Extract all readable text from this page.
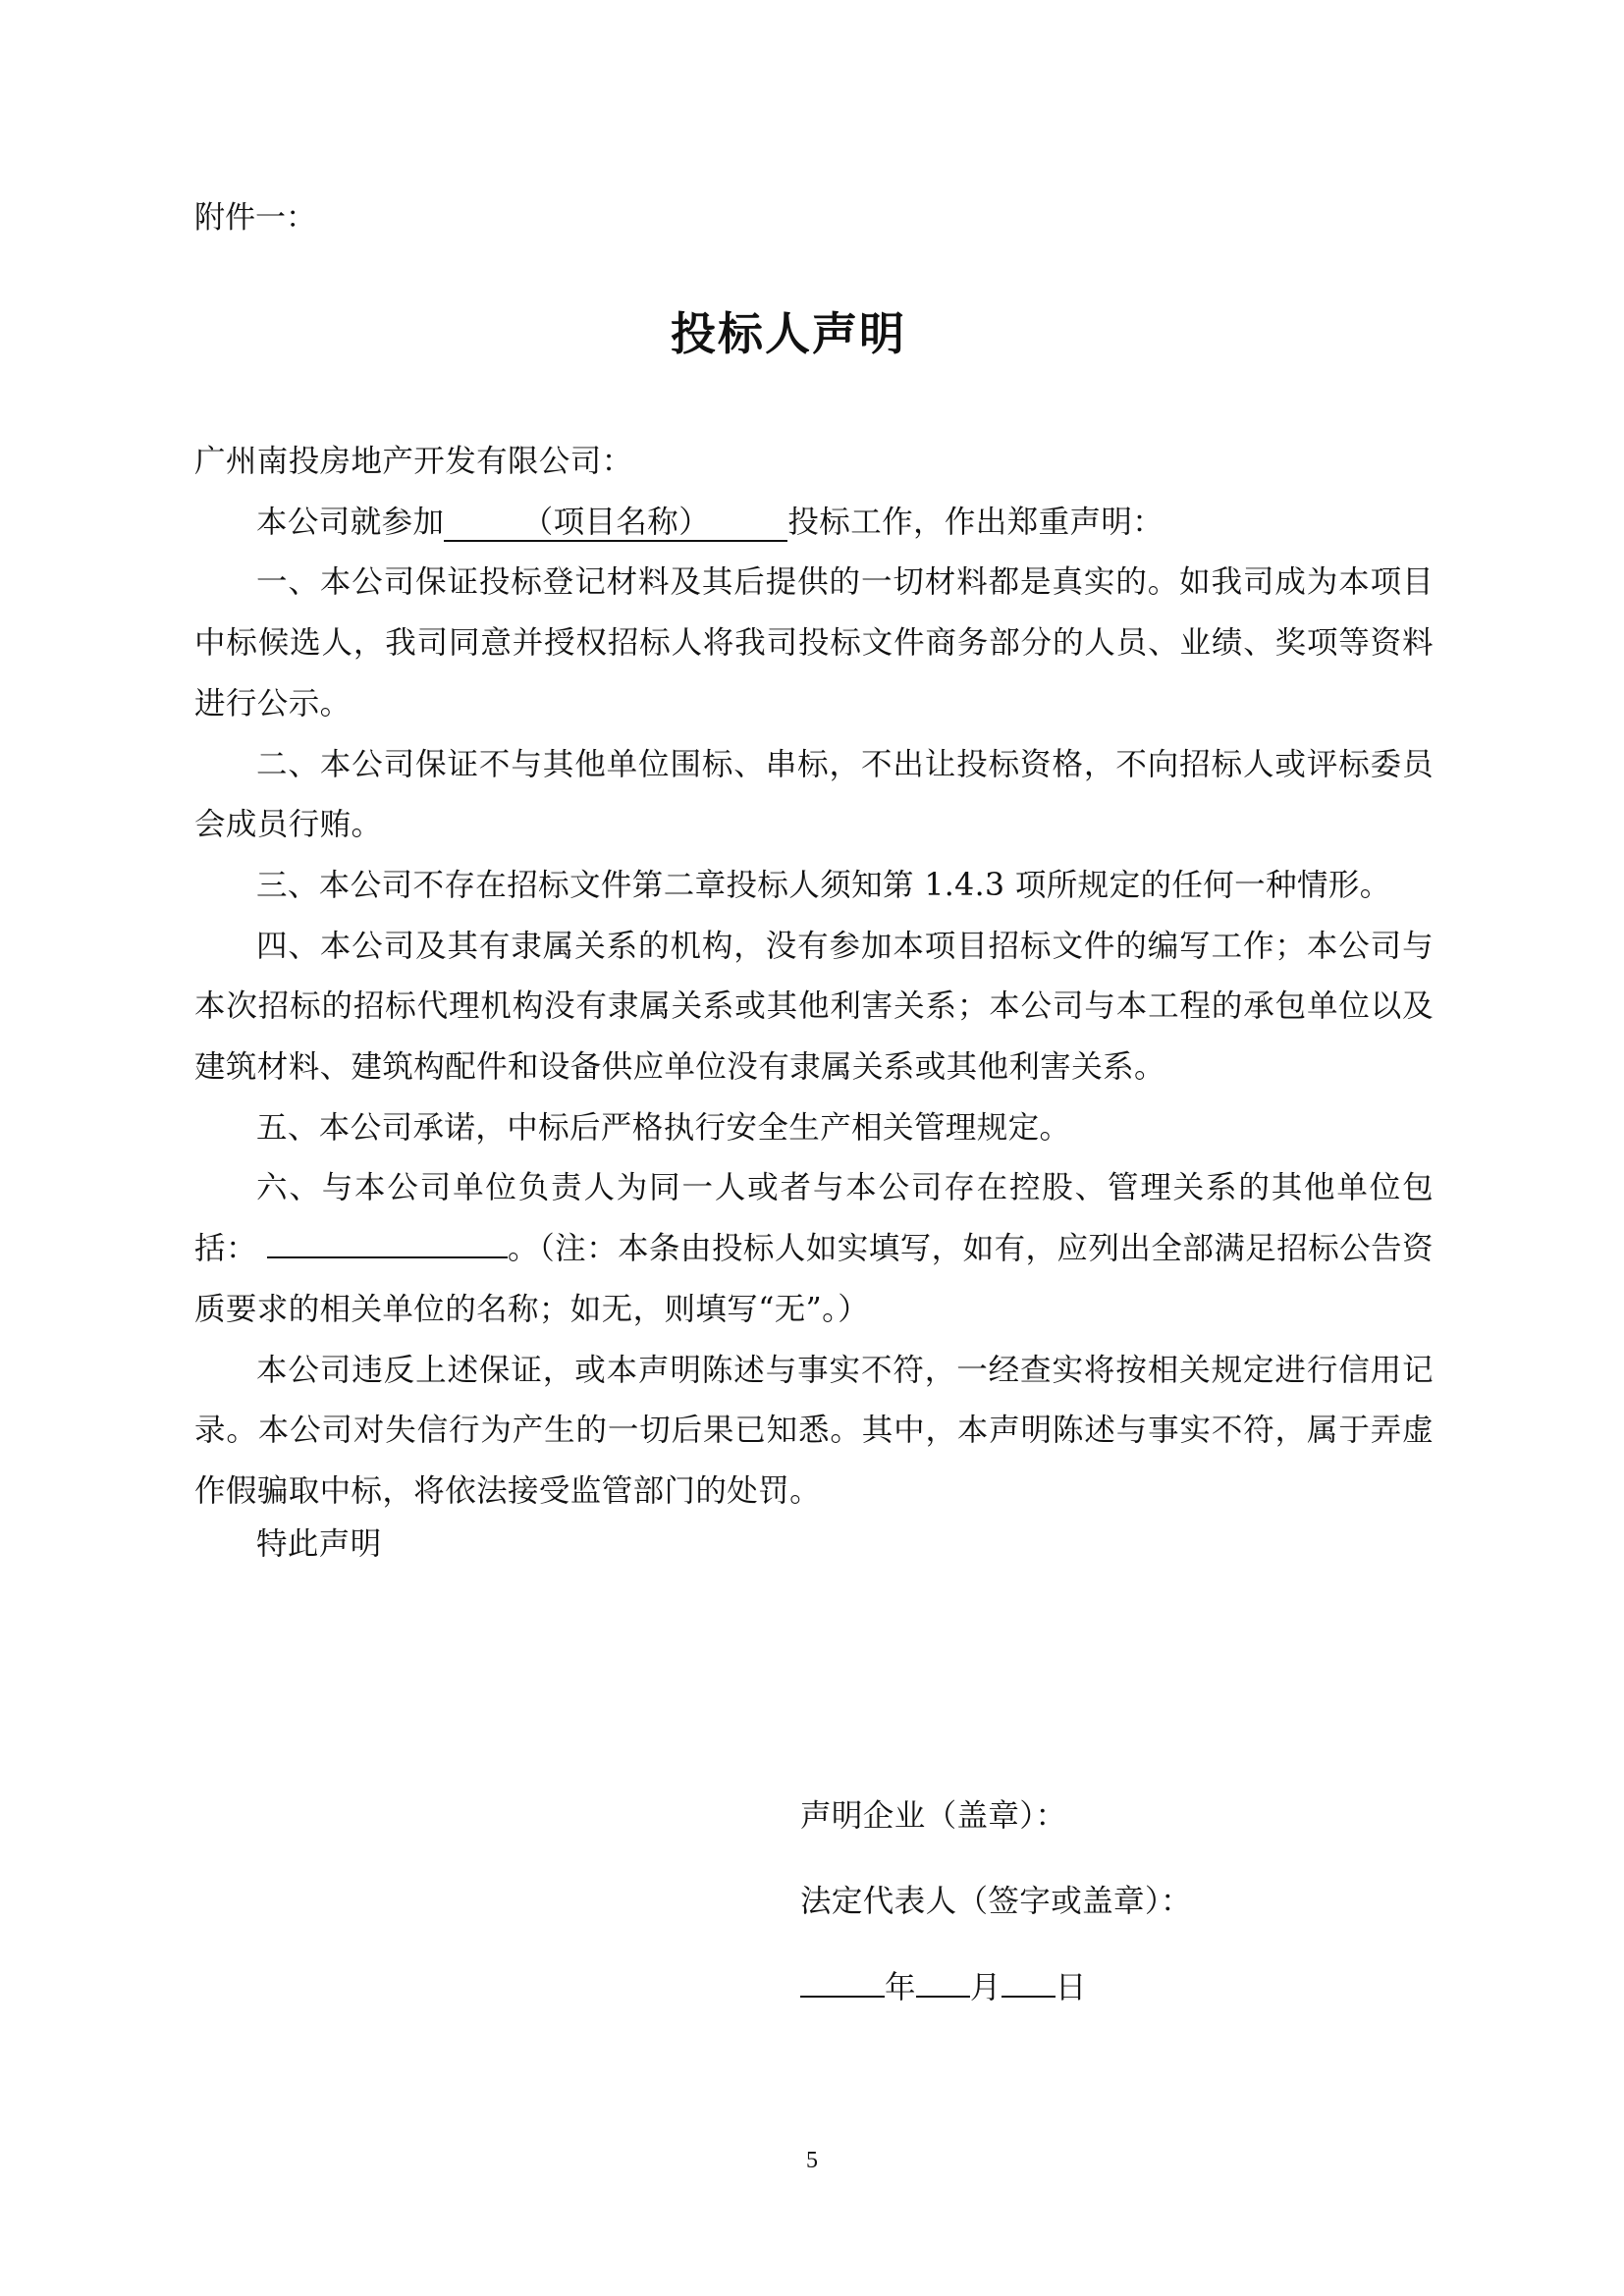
附件一：
投标人声明

广州南投房地产开发有限公司：

本公司就参加	（项目名称）	投标工作，作出郑重声明：

一、本公司保证投标登记材料及其后提供的一切材料都是真实的。如我司成为本项目中标候选人，我司同意并授权招标人将我司投标文件商务部分的人员、业绩、奖项等资料进行公示。

二、本公司保证不与其他单位围标、串标，不出让投标资格，不向招标人或评标委员会成员行贿。

三、本公司不存在招标文件第二章投标人须知第 1.4.3 项所规定的任何一种情形。

四、本公司及其有隶属关系的机构，没有参加本项目招标文件的编写工作；本公司与本次招标的招标代理机构没有隶属关系或其他利害关系；本公司与本工程的承包单位以及建筑材料、建筑构配件和设备供应单位没有隶属关系或其他利害关系。

五、本公司承诺，中标后严格执行安全生产相关管理规定。

六、与本公司单位负责人为同一人或者与本公司存在控股、管理关系的其他单位包括：	。（注：本条由投标人如实填写，如有，应列出全部满足招标公告资质要求的相关单位的名称；如无，则填写“无”。）

本公司违反上述保证，或本声明陈述与事实不符，一经查实将按相关规定进行信用记录。本公司对失信行为产生的一切后果已知悉。其中，本声明陈述与事实不符，属于弄虚作假骗取中标，将依法接受监管部门的处罚。

特此声明

声明企业（盖章）：
法定代表人（签字或盖章）：
年 月 日
5
